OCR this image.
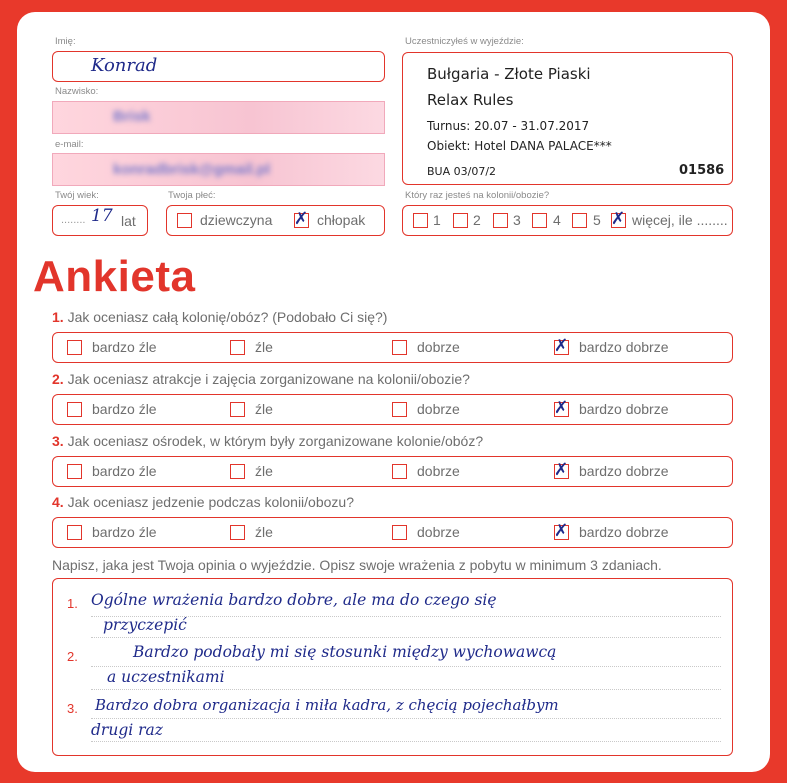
Imię:
Konrad
Nazwisko:
Brisk
e-mail:
konradbrisk@gmail.pl
Twój wiek:
........ 17 lat
Twoja płeć:
dziewczyna ✗ chłopak
Uczestniczyłeś w wyjeździe:
Bułgaria - Złote Piaski
Relax Rules
Turnus: 20.07 - 31.07.2017
Obiekt: Hotel DANA PALACE***
BUA 03/07/2	01586
Który raz jesteś na kolonii/obozie?
1 2 3 4 5 ✗ więcej, ile ........
Ankieta
1. Jak oceniasz całą kolonię/obóz? (Podobało Ci się?)
bardzo źle	źle	dobrze	✗ bardzo dobrze
2. Jak oceniasz atrakcje i zajęcia zorganizowane na kolonii/obozie?
bardzo źle	źle	dobrze	✗ bardzo dobrze
3. Jak oceniasz ośrodek, w którym były zorganizowane kolonie/obóz?
bardzo źle	źle	dobrze	✗ bardzo dobrze
4. Jak oceniasz jedzenie podczas kolonii/obozu?
bardzo źle	źle	dobrze	✗ bardzo dobrze
Napisz, jaka jest Twoja opinia o wyjeździe. Opisz swoje wrażenia z pobytu w minimum 3 zdaniach.
1.
2.
3.
Ogólne wrażenia bardzo dobre, ale ma do czego się
przyczepić
Bardzo podobały mi się stosunki między wychowawcą
a uczestnikami
Bardzo dobra organizacja i miła kadra, z chęcią pojechałbym
drugi raz
